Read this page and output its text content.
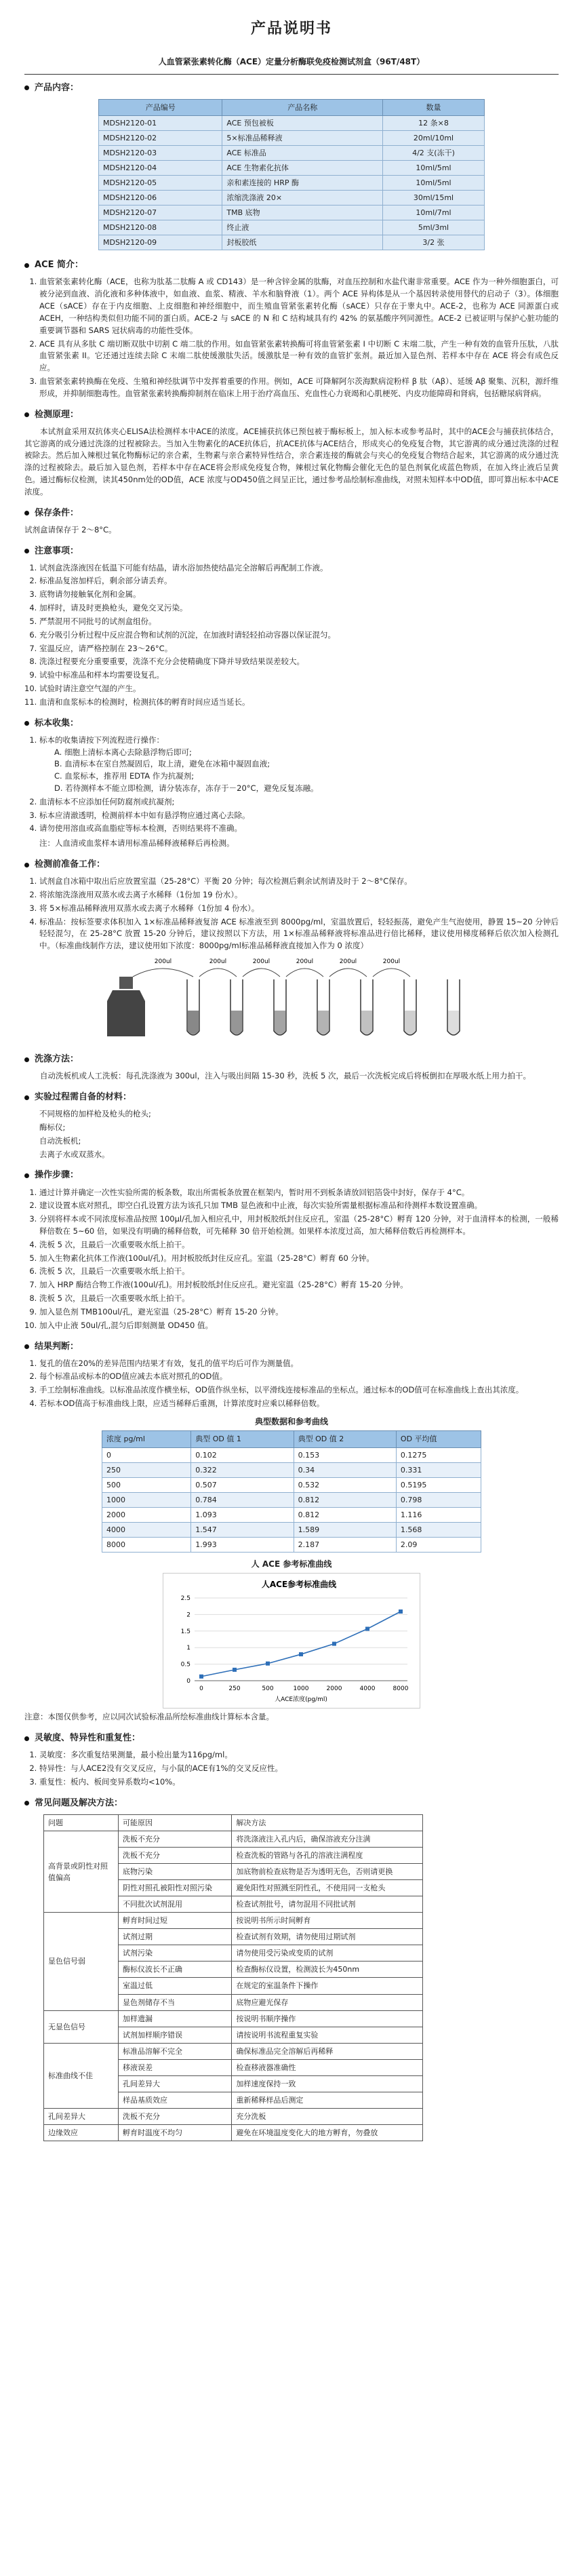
产品说明书
人血管紧张素转化酶（ACE）定量分析酶联免疫检测试剂盒（96T/48T）
产品内容：
产品编号	产品名称	数量
MDSH2120-01	ACE 预包被板	12 条×8
MDSH2120-02	5×标准品稀释液	20ml/10ml
MDSH2120-03	ACE 标准品	4/2 支(冻干)
MDSH2120-04	ACE 生物素化抗体	10ml/5ml
MDSH2120-05	亲和素连接的 HRP 酶	10ml/5ml
MDSH2120-06	浓缩洗涤液 20×	30ml/15ml
MDSH2120-07	TMB 底物	10ml/7ml
MDSH2120-08	终止液	5ml/3ml
MDSH2120-09	封板胶纸	3/2 张
ACE 简介：
1. 血管紧张素转化酶（ACE，也称为肽基二肽酶 A 或 CD143）是一种含锌金属的肽酶，对血压控制和水盐代谢非常重要。ACE 作为一种外细胞蛋白，可被分泌到血液、消化液和多种体液中，如血液、血浆、精液、羊水和脑脊液（1）。两个 ACE 异构体是从一个基因转录使用替代的启动子（3）。体细胞 ACE（sACE）存在于内皮细胞、上皮细胞和神经细胞中，而生殖血管紧张素转化酶（sACE）只存在于睾丸中。ACE-2，也称为 ACE 同源蛋白或 ACEH，一种结构类似但功能不同的蛋白质。ACE-2 与 sACE 的 N 和 C 结构域具有约 42% 的氨基酸序列同源性。ACE-2 已被证明与保护心脏功能的重要调节器和 SARS 冠状病毒的功能性受体。
2. ACE 具有从多肽 C 端切断双肽中切割 C 端二肽的作用。如血管紧张素转换酶可将血管紧张素 I 中切断 C 末端二肽，产生一种有效的血管升压肽，八肽血管紧张素 II。它还通过连续去除 C 末端二肽使缓激肽失活。缓激肽是一种有效的血管扩张剂。最近加入显色剂、若样本中存在 ACE 将会有成色反应。
3. 血管紧张素转换酶在免疫、生殖和神经肽调节中发挥着重要的作用。例如，ACE 可降解阿尔茨海默病淀粉样 β 肽（Aβ）、延缓 Aβ 聚集、沉积，源纤维形成，并抑制细胞毒性。血管紧张素转换酶抑制剂在临床上用于治疗高血压、充血性心力衰竭和心肌梗死、内皮功能障碍和肾病，包括糖尿病肾病。
检测原理：

本试剂盒采用双抗体夹心ELISA法检测样本中ACE的浓度。ACE捕获抗体已预包被于酶标板上，加入标本或参考品时，其中的ACE会与捕获抗体结合，其它游离的成分通过洗涤的过程被除去。当加入生物素化的ACE抗体后，抗ACE抗体与ACE结合，形成夹心的免疫复合物，其它游离的成分通过洗涤的过程被除去。然后加入辣根过氧化物酶标记的亲合素，生物素与亲合素特异性结合，亲合素连接的酶就会与夹心的免疫复合物结合起来，其它游离的成分通过洗涤的过程被除去。最后加入显色剂，若样本中存在ACE将会形成免疫复合物，辣根过氧化物酶会催化无色的显色剂氧化成蓝色物质，在加入终止液后呈黄色。通过酶标仪检测，读其450nm处的OD值，ACE 浓度与OD450值之间呈正比，通过参考品绘制标准曲线，对照未知样本中OD值，即可算出标本中ACE浓度。

保存条件：

试剂盒请保存于 2～8°C。

注意事项：
1. 试剂盒洗涤液因在低温下可能有结晶，请水浴加热使结晶完全溶解后再配制工作液。
2. 标准品复溶加样后，剩余部分请丢弃。
3. 底物请勿接触氧化剂和金属。
4. 加样时，请及时更换枪头，避免交叉污染。
5. 严禁混用不同批号的试剂盒组份。
6. 充分吸引分析过程中反应混合物和试剂的沉淀，在加液时请轻轻拍动容器以保证混匀。
7. 室温反应，请严格控制在 23～26°C。
8. 洗涤过程要充分重要重要，洗涤不充分会使精确度下降并导致结果误差较大。
9. 试验中标准品和样本均需要设复孔。
10. 试验时请注意空气湿的产生。
11. 血清和血浆标本的检测时，检测抗体的孵育时间应适当延长。
标本收集：
1. 标本的收集请按下列流程进行操作：
A. 细胞上清标本离心去除悬浮物后即可;
B. 血清标本在室自然凝固后，取上清，避免在冰箱中凝固血液;
C. 血浆标本，推荐用 EDTA 作为抗凝剂;
D. 若待测样本不能立即检测，请分装冻存，冻存于－20°C，避免反复冻融。
2. 血清标本不应添加任何防腐剂或抗凝剂;
3. 标本应清澈透明，检测前样本中如有悬浮物应通过离心去除。
4. 请勿使用溶血或高血脂症等标本检测，否则结果将不准确。
注：人血清或血浆样本请用标准品稀释液稀释后再检测。
检测前准备工作：
1. 试剂盒自冰箱中取出后应放置室温（25-28°C）平衡 20 分钟；每次检测后剩余试剂请及时于 2～8°C保存。
2. 将浓缩洗涤液用双蒸水或去离子水稀释（1份加 19 份水）。
3. 将 5×标准品稀释液用双蒸水或去离子水稀释（1份加 4 份水）。
4. 标准品：按标签要求体积加入 1×标准品稀释液复溶 ACE 标准液至到 8000pg/ml，室温放置后，轻轻振荡，避免产生气泡使用，静置 15~20 分钟后轻轻混匀，在 25-28°C 放置 15-20 分钟后，建议按照以下方法，用 1×标准品稀释液将标准品进行倍比稀释，建议使用梯度稀释后依次加入检测孔中。（标准曲线制作方法，建议使用如下浓度：8000pg/ml标准品稀释液直接加入作为 0 浓度）
200ul	200ul	200ul	200ul	200ul	200ul
洗涤方法：

自动洗板机或人工洗板：每孔洗涤液为 300ul，注入与吸出间隔 15-30 秒，洗板 5 次，最后一次洗板完成后将板倒扣在厚吸水纸上用力拍干。

实验过程需自备的材料：
不同规格的加样枪及枪头的枪头;
酶标仪;
自动洗板机;
去离子水或双蒸水。
操作步骤：
1. 通过计算并确定一次性实验所需的板条数，取出所需板条放置在框架内，暂时用不到板条请放回铝箔袋中封好，保存于 4°C。
2. 建议设置本底对照孔，即空白孔设置方法为该孔只加 TMB 显色液和中止液，每次实验所需量根据标准品和待测样本数设置准确。
3. 分别将样本或不同浓度标准品按照 100μl/孔加入相应孔中，用封板胶纸封住反应孔，室温（25-28°C）孵育 120 分钟，对于血清样本的检测，一般稀释倍数在 5~60 倍，如果没有明确的稀释倍数，可先稀释 30 倍开始检测。如果样本浓度过高，加大稀释倍数后再检测样本。
4. 洗板 5 次，且最后一次重要吸水纸上拍干。
5. 加入生物素化抗体工作液(100ul/孔)。用封板胶纸封住反应孔。室温（25-28°C）孵育 60 分钟。
6. 洗板 5 次，且最后一次重要吸水纸上拍干。
7. 加入 HRP 酶结合物工作液(100ul/孔)。用封板胶纸封住反应孔。避光室温（25-28°C）孵育 15-20 分钟。
8. 洗板 5 次，且最后一次重要吸水纸上拍干。
9. 加入显色剂 TMB100ul/孔，避光室温（25-28°C）孵育 15-20 分钟。
10. 加入中止液 50ul/孔,混匀后即刻测量 OD450 值。
结果判断：
1. 复孔的值在20%的差异范围内结果才有效，复孔的值平均后可作为测量值。
2. 每个标准品或标本的OD值应减去本底对照孔的OD值。
3. 手工绘制标准曲线。以标准品浓度作横坐标，OD值作纵坐标，以平滑线连接标准品的坐标点。通过标本的OD值可在标准曲线上查出其浓度。
4. 若标本OD值高于标准曲线上限，应适当稀释后重测，计算浓度时应乘以稀释倍数。
典型数据和参考曲线
浓度 pg/ml	典型 OD 值 1	典型 OD 值 2	OD 平均值
0	0.102	0.153	0.1275
250	0.322	0.34	0.331
500	0.507	0.532	0.5195
1000	0.784	0.812	0.798
2000	1.093	0.812	1.116
4000	1.547	1.589	1.568
8000	1.993	2.187	2.09
人 ACE 参考标准曲线
人ACE参考标准曲线
0
0.5
1
1.5
2
2.5
0	250	500	1000	2000	4000	8000
人ACE浓度(pg/ml)
注意：本图仅供参考，应以同次试验标准品所绘标准曲线计算标本含量。
灵敏度、特异性和重复性：
1. 灵敏度：多次重复结果测量，最小检出量为116pg/ml。
2. 特异性：与人ACE2没有交叉反应，与小鼠的ACE有1%的交叉反应性。
3. 重复性：板内、板间变异系数均<10%。
常见问题及解决方法：
问题	可能原因	解决方法
高背景或阴性对照值偏高	洗板不充分	将洗涤液注入孔内后，确保溶液充分注满
	洗板不充分	检查洗板的管路与各孔的溶液注满程度
	底物污染	加底物前检查底物是否为透明无色，否则请更换
	阴性对照孔被阳性对照污染	避免阳性对照溅至阴性孔，不使用同一支枪头
	不同批次试剂混用	检查试剂批号，请勿混用不同批试剂
显色信号弱	孵育时间过短	按说明书所示时间孵育
	试剂过期	检查试剂有效期，请勿使用过期试剂
	试剂污染	请勿使用受污染或变质的试剂
	酶标仪波长不正确	检查酶标仪设置，检测波长为450nm
	室温过低	在规定的室温条件下操作
	显色剂储存不当	底物应避光保存
无显色信号	加样遗漏	按说明书顺序操作
	试剂加样顺序错误	请按说明书流程重复实验
标准曲线不佳	标准品溶解不完全	确保标准品完全溶解后再稀释
	移液误差	检查移液器准确性
	孔间差异大	加样速度保持一致
	样品基质效应	重新稀释样品后测定
孔间差异大	洗板不充分	充分洗板
边缘效应	孵育时温度不均匀	避免在环境温度变化大的地方孵育，勿叠放
